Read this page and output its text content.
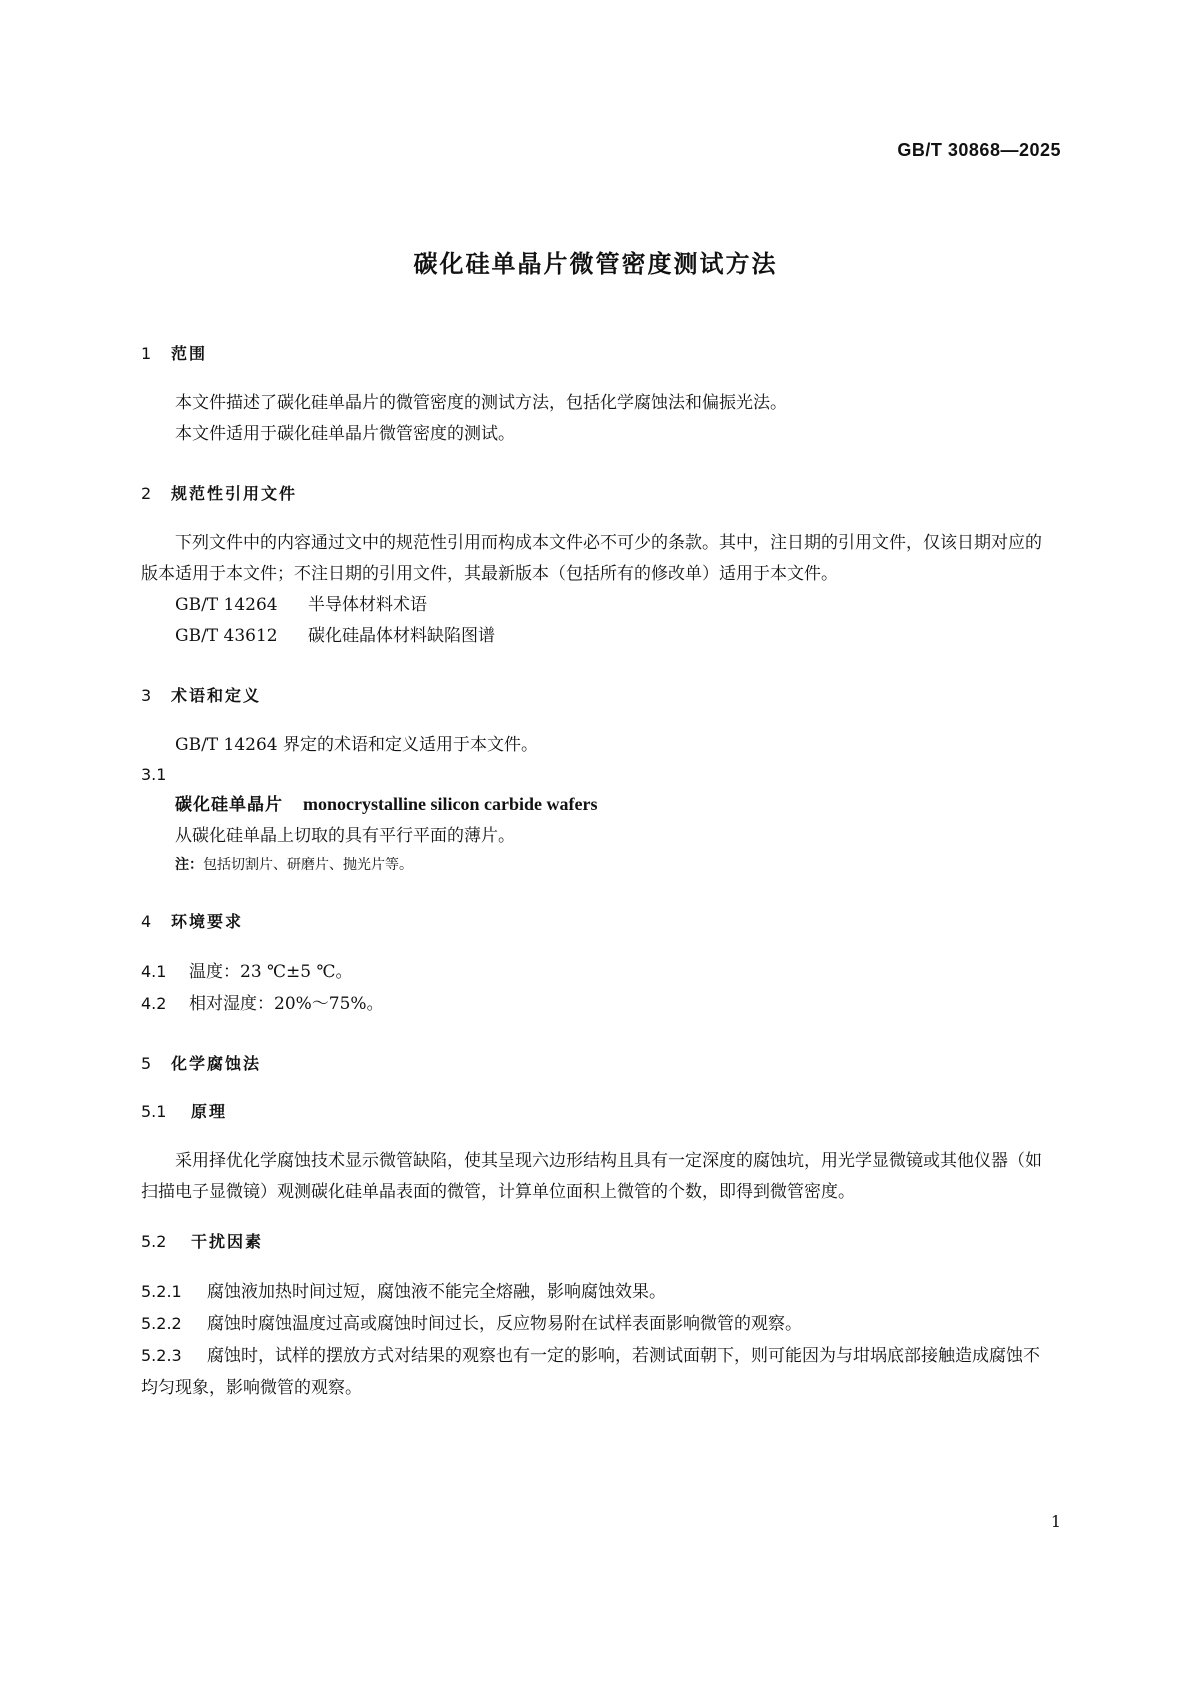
GB/T 30868—2025
碳化硅单晶片微管密度测试方法
1 范围

本文件描述了碳化硅单晶片的微管密度的测试方法，包括化学腐蚀法和偏振光法。

本文件适用于碳化硅单晶片微管密度的测试。

2 规范性引用文件

下列文件中的内容通过文中的规范性引用而构成本文件必不可少的条款。其中，注日期的引用文件，仅该日期对应的版本适用于本文件；不注日期的引用文件，其最新版本（包括所有的修改单）适用于本文件。

GB/T 14264 半导体材料术语
GB/T 43612 碳化硅晶体材料缺陷图谱
3 术语和定义

GB/T 14264 界定的术语和定义适用于本文件。

3.1

碳化硅单晶片 monocrystalline silicon carbide wafers
从碳化硅单晶上切取的具有平行平面的薄片。
注：包括切割片、研磨片、抛光片等。
4 环境要求
4.1 温度：23 ℃±5 ℃。
4.2 相对湿度：20%～75%。
5 化学腐蚀法
5.1 原理

采用择优化学腐蚀技术显示微管缺陷，使其呈现六边形结构且具有一定深度的腐蚀坑，用光学显微镜或其他仪器（如扫描电子显微镜）观测碳化硅单晶表面的微管，计算单位面积上微管的个数，即得到微管密度。

5.2 干扰因素
5.2.1 腐蚀液加热时间过短，腐蚀液不能完全熔融，影响腐蚀效果。
5.2.2 腐蚀时腐蚀温度过高或腐蚀时间过长，反应物易附在试样表面影响微管的观察。
5.2.3 腐蚀时，试样的摆放方式对结果的观察也有一定的影响，若测试面朝下，则可能因为与坩埚底部接触造成腐蚀不均匀现象，影响微管的观察。
1
